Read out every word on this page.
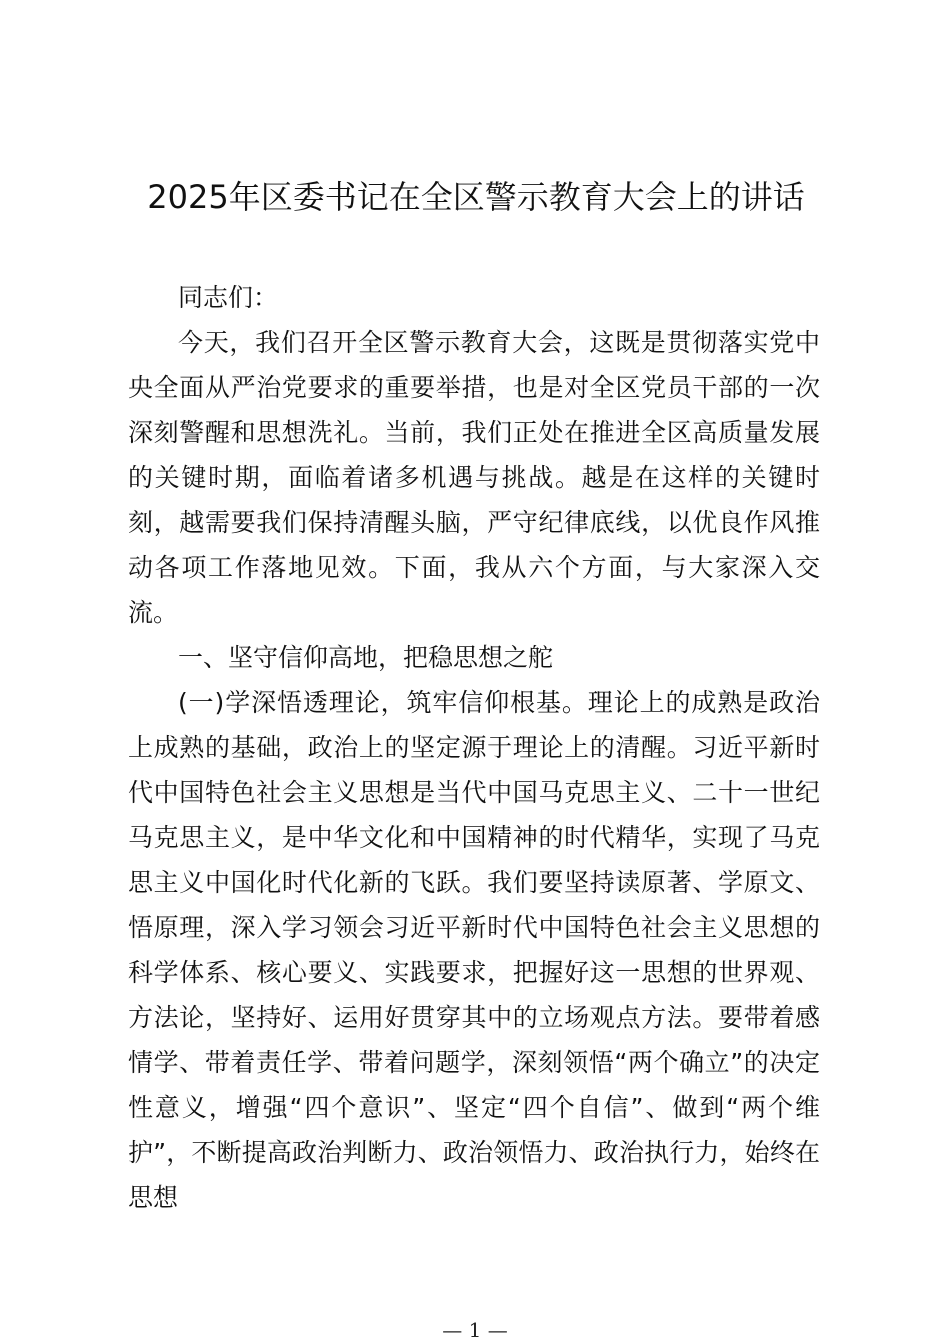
2025年区委书记在全区警示教育大会上的讲话

同志们：

今天，我们召开全区警示教育大会，这既是贯彻落实党中央全面从严治党要求的重要举措，也是对全区党员干部的一次深刻警醒和思想洗礼。当前，我们正处在推进全区高质量发展的关键时期，面临着诸多机遇与挑战。越是在这样的关键时刻，越需要我们保持清醒头脑，严守纪律底线，以优良作风推动各项工作落地见效。下面，我从六个方面，与大家深入交流。

一、坚守信仰高地，把稳思想之舵

(一)学深悟透理论，筑牢信仰根基。理论上的成熟是政治上成熟的基础，政治上的坚定源于理论上的清醒。习近平新时代中国特色社会主义思想是当代中国马克思主义、二十一世纪马克思主义，是中华文化和中国精神的时代精华，实现了马克思主义中国化时代化新的飞跃。我们要坚持读原著、学原文、悟原理，深入学习领会习近平新时代中国特色社会主义思想的科学体系、核心要义、实践要求，把握好这一思想的世界观、方法论，坚持好、运用好贯穿其中的立场观点方法。要带着感情学、带着责任学、带着问题学，深刻领悟“两个确立”的决定性意义，增强“四个意识”、坚定“四个自信”、做到“两个维护”，不断提高政治判断力、政治领悟力、政治执行力，始终在思想

— 1 —
